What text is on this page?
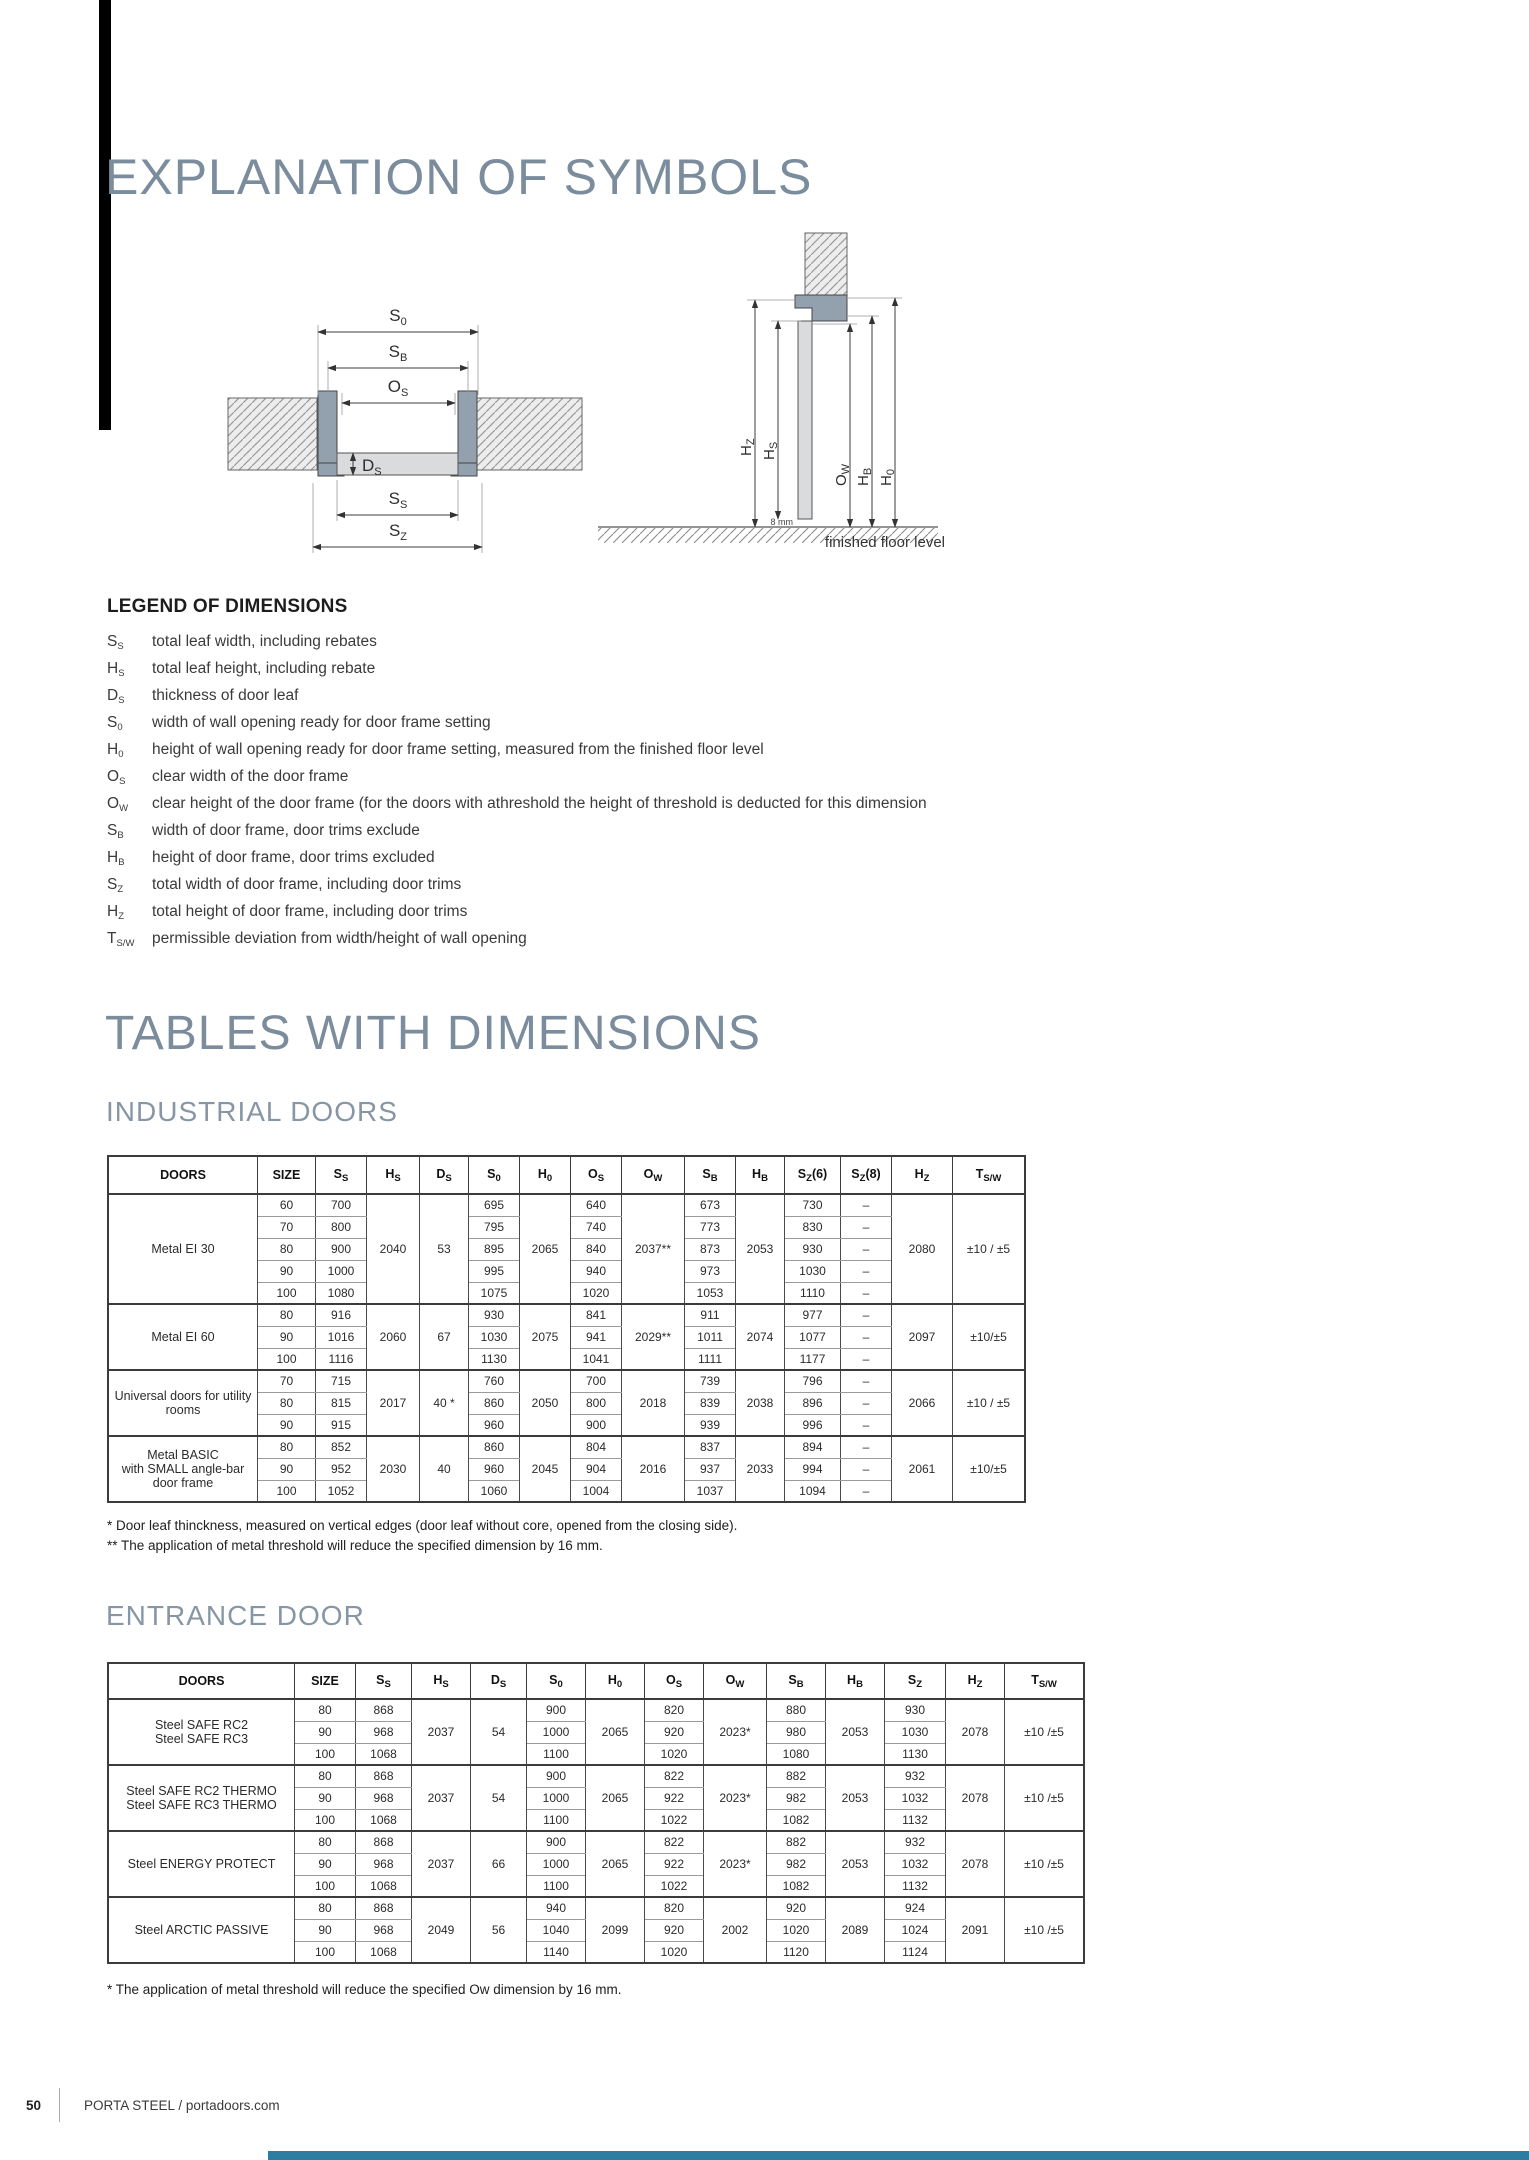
EXPLANATION OF SYMBOLS
$S_0$
$S_B$
$O_S$
$D_S$
$S_S$
$S_Z$
8 mm
$H_Z$
$H_S$
$O_W$
$H_B$
$H_0$
finished floor level
LEGEND OF DIMENSIONS
$S_S$	total leaf width, including rebates
$H_S$	total leaf height, including rebate
$D_S$	thickness of door leaf
$S_0$	width of wall opening ready for door frame setting
$H_0$	height of wall opening ready for door frame setting, measured from the finished floor level
$O_S$	clear width of the door frame
$O_W$	clear height of the door frame (for the doors with athreshold the height of threshold is deducted for this dimension
$S_B$	width of door frame, door trims exclude
$H_B$	height of door frame, door trims excluded
$S_Z$	total width of door frame, including door trims
$H_Z$	total height of door frame, including door trims
$T_{S/W}$	permissible deviation from width/height of wall opening
TABLES WITH DIMENSIONS
INDUSTRIAL DOORS
DOORS	SIZE	$S_S$	$H_S$	$D_S$	$S_0$	$H_0$	$O_S$	$O_W$	$S_B$	$H_B$	$S_Z(6)$	$S_Z(8)$	$H_Z$	$T_{S/W}$

Metal EI 30	60	700	2040	53	695	2065	640	2037**	673	2053	730	–	2080	±10 / ±5
	70	800			795		740		773		830	–		
	80	900			895		840		873		930	–		
	90	1000			995		940		973		1030	–		
	100	1080			1075		1020		1053		1110	–		

Metal EI 60	80	916	2060	67	930	2075	841	2029**	911	2074	977	–	2097	±10/±5
	90	1016			1030		941		1011		1077	–		
	100	1116			1130		1041		1111		1177	–		

Universal doors for utility
rooms	70	715	2017	40 *	760	2050	700	2018	739	2038	796	–	2066	±10 / ±5
	80	815			860		800		839		896	–		
	90	915			960		900		939		996	–		

Metal BASIC
with SMALL angle-bar
door frame	80	852	2030	40	860	2045	804	2016	837	2033	894	–	2061	±10/±5
	90	952			960		904		937		994	–		
	100	1052			1060		1004		1037		1094	–		
* Door leaf thinckness, measured on vertical edges (door leaf without core, opened from the closing side).
** The application of metal threshold will reduce the specified dimension by 16 mm.
ENTRANCE DOOR
DOORS	SIZE	$S_S$	$H_S$	$D_S$	$S_0$	$H_0$	$O_S$	$O_W$	$S_B$	$H_B$	$S_Z$	$H_Z$	$T_{S/W}$

Steel SAFE RC2
Steel SAFE RC3	80	868	2037	54	900	2065	820	2023*	880	2053	930	2078	±10 /±5
	90	968			1000		920		980		1030		
	100	1068			1100		1020		1080		1130		

Steel SAFE RC2 THERMO
Steel SAFE RC3 THERMO	80	868	2037	54	900	2065	822	2023*	882	2053	932	2078	±10 /±5
	90	968			1000		922		982		1032		
	100	1068			1100		1022		1082		1132		

Steel ENERGY PROTECT	80	868	2037	66	900	2065	822	2023*	882	2053	932	2078	±10 /±5
	90	968			1000		922		982		1032		
	100	1068			1100		1022		1082		1132		

Steel ARCTIC PASSIVE	80	868	2049	56	940	2099	820	2002	920	2089	924	2091	±10 /±5
	90	968			1040		920		1020		1024		
	100	1068			1140		1020		1120		1124		
* The application of metal threshold will reduce the specified Ow dimension by 16 mm.
50	PORTA STEEL / portadoors.com
